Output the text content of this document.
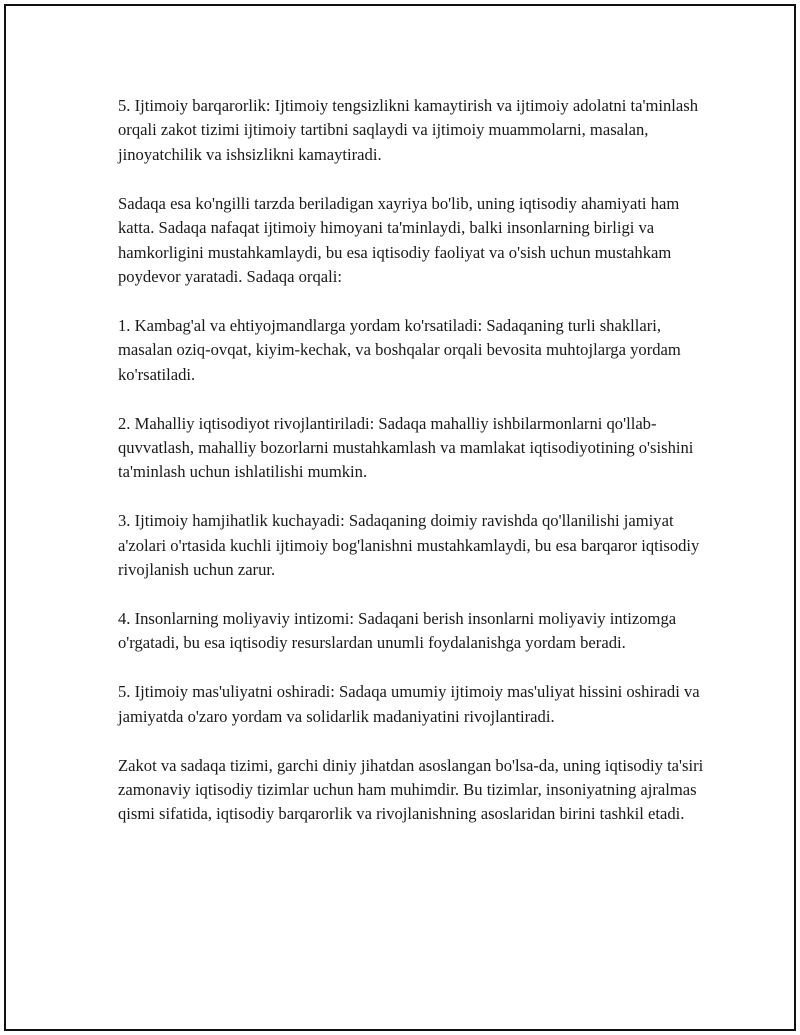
5. Ijtimoiy barqarorlik: Ijtimoiy tengsizlikni kamaytirish va ijtimoiy adolatni ta'minlash orqali zakot tizimi ijtimoiy tartibni saqlaydi va ijtimoiy muammolarni, masalan, jinoyatchilik va ishsizlikni kamaytiradi.

Sadaqa esa ko'ngilli tarzda beriladigan xayriya bo'lib, uning iqtisodiy ahamiyati ham katta. Sadaqa nafaqat ijtimoiy himoyani ta'minlaydi, balki insonlarning birligi va hamkorligini mustahkamlaydi, bu esa iqtisodiy faoliyat va o'sish uchun mustahkam poydevor yaratadi. Sadaqa orqali:

1. Kambag'al va ehtiyojmandlarga yordam ko'rsatiladi: Sadaqaning turli shakllari, masalan oziq-ovqat, kiyim-kechak, va boshqalar orqali bevosita muhtojlarga yordam ko'rsatiladi.

2. Mahalliy iqtisodiyot rivojlantiriladi: Sadaqa mahalliy ishbilarmonlarni qo'llab-quvvatlash, mahalliy bozorlarni mustahkamlash va mamlakat iqtisodiyotining o'sishini ta'minlash uchun ishlatilishi mumkin.

3. Ijtimoiy hamjihatlik kuchayadi: Sadaqaning doimiy ravishda qo'llanilishi jamiyat a'zolari o'rtasida kuchli ijtimoiy bog'lanishni mustahkamlaydi, bu esa barqaror iqtisodiy rivojlanish uchun zarur.

4. Insonlarning moliyaviy intizomi: Sadaqani berish insonlarni moliyaviy intizomga o'rgatadi, bu esa iqtisodiy resurslardan unumli foydalanishga yordam beradi.

5. Ijtimoiy mas'uliyatni oshiradi: Sadaqa umumiy ijtimoiy mas'uliyat hissini oshiradi va jamiyatda o'zaro yordam va solidarlik madaniyatini rivojlantiradi.

Zakot va sadaqa tizimi, garchi diniy jihatdan asoslangan bo'lsa-da, uning iqtisodiy ta'siri zamonaviy iqtisodiy tizimlar uchun ham muhimdir. Bu tizimlar, insoniyatning ajralmas qismi sifatida, iqtisodiy barqarorlik va rivojlanishning asoslaridan birini tashkil etadi.
